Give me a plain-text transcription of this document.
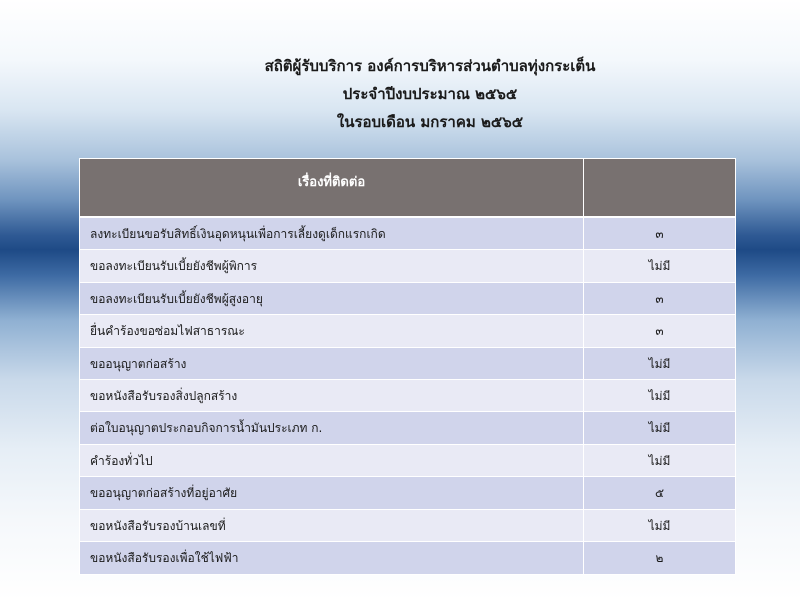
สถิติผู้รับบริการ องค์การบริหารส่วนตำบลทุ่งกระเต็น
ประจำปีงบประมาณ ๒๕๖๕
ในรอบเดือน มกราคม ๒๕๖๕
เรื่องที่ติดต่อ
ลงทะเบียนขอรับสิทธิ์เงินอุดหนุนเพื่อการเลี้ยงดูเด็กแรกเกิด	๓
ขอลงทะเบียนรับเบี้ยยังชีพผู้พิการ	ไม่มี
ขอลงทะเบียนรับเบี้ยยังชีพผู้สูงอายุ	๓
ยื่นคำร้องขอซ่อมไฟสาธารณะ	๓
ขออนุญาตก่อสร้าง	ไม่มี
ขอหนังสือรับรองสิ่งปลูกสร้าง	ไม่มี
ต่อใบอนุญาตประกอบกิจการน้ำมันประเภท ก.	ไม่มี
คำร้องทั่วไป	ไม่มี
ขออนุญาตก่อสร้างที่อยู่อาศัย	๕
ขอหนังสือรับรองบ้านเลขที่	ไม่มี
ขอหนังสือรับรองเพื่อใช้ไฟฟ้า	๒
